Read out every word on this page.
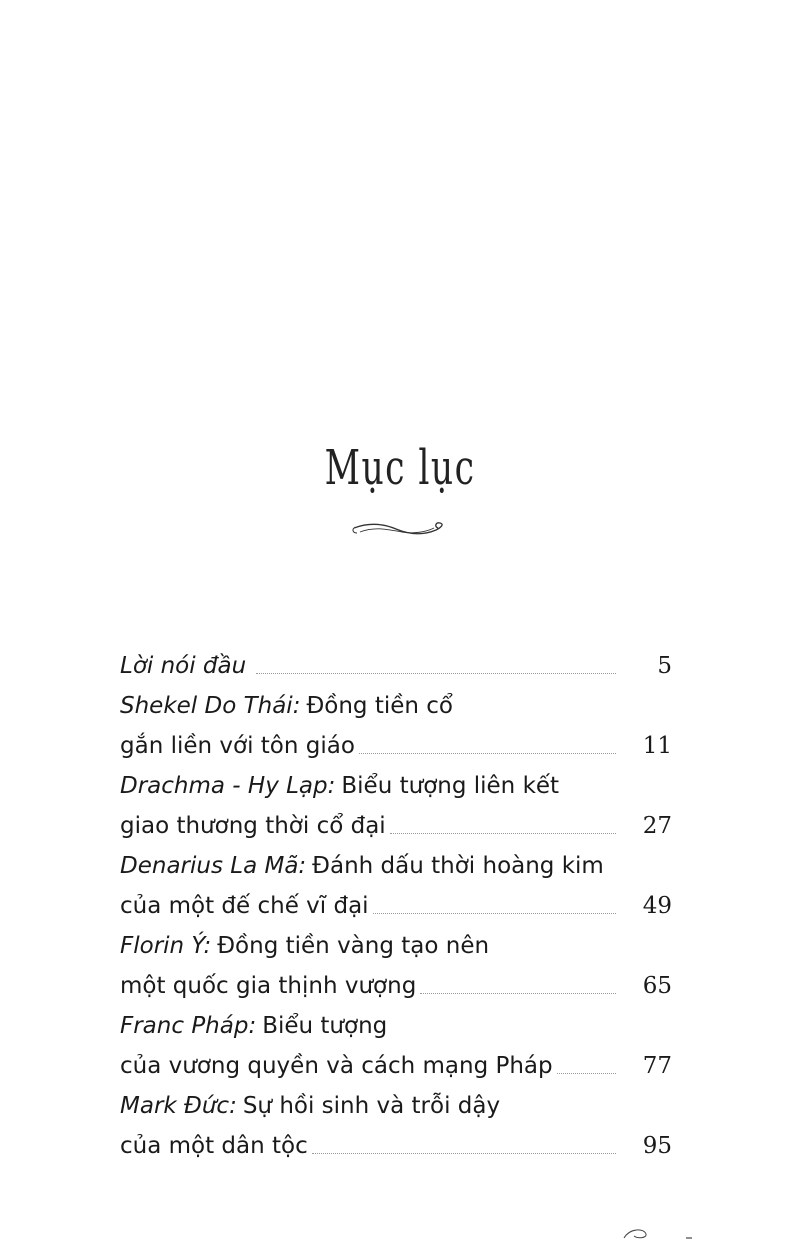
Mục lục
Lời nói đầu	5
Shekel Do Thái: Đồng tiền cổ
gắn liền với tôn giáo	11
Drachma - Hy Lạp: Biểu tượng liên kết
giao thương thời cổ đại	27
Denarius La Mã: Đánh dấu thời hoàng kim
của một đế chế vĩ đại	49
Florin Ý: Đồng tiền vàng tạo nên
một quốc gia thịnh vượng	65
Franc Pháp: Biểu tượng
của vương quyền và cách mạng Pháp	77
Mark Đức: Sự hồi sinh và trỗi dậy
của một dân tộc	95
